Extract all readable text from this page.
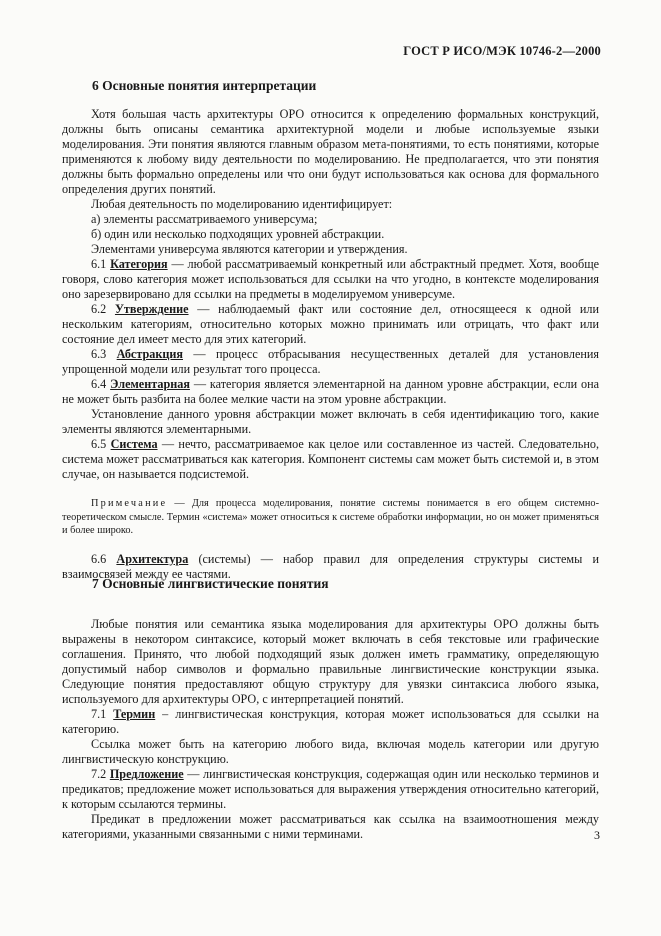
ГОСТ Р ИСО/МЭК 10746-2—2000
6 Основные понятия интерпретации

Хотя большая часть архитектуры ОРО относится к определению формальных конструкций, должны быть описаны семантика архитектурной модели и любые используемые языки моделирования. Эти понятия являются главным образом мета-понятиями, то есть понятиями, которые применяются к любому виду деятельности по моделированию. Не предполагается, что эти понятия должны быть формально определены или что они будут использоваться как основа для формального определения других понятий.

Любая деятельность по моделированию идентифицирует:

а) элементы рассматриваемого универсума;

б) один или несколько подходящих уровней абстракции.

Элементами универсума являются категории и утверждения.

6.1 Категория — любой рассматриваемый конкретный или абстрактный предмет. Хотя, вообще говоря, слово категория может использоваться для ссылки на что угодно, в контексте моделирования оно зарезервировано для ссылки на предметы в моделируемом универсуме.

6.2 Утверждение — наблюдаемый факт или состояние дел, относящееся к одной или нескольким категориям, относительно которых можно принимать или отрицать, что факт или состояние дел имеет место для этих категорий.

6.3 Абстракция — процесс отбрасывания несущественных деталей для установления упрощенной модели или результат того процесса.

6.4 Элементарная — категория является элементарной на данном уровне абстракции, если она не может быть разбита на более мелкие части на этом уровне абстракции.

Установление данного уровня абстракции может включать в себя идентификацию того, какие элементы являются элементарными.

6.5 Система — нечто, рассматриваемое как целое или составленное из частей. Следовательно, система может рассматриваться как категория. Компонент системы сам может быть системой и, в этом случае, он называется подсистемой.

Примечание — Для процесса моделирования, понятие системы понимается в его общем системно-теоретическом смысле. Термин «система» может относиться к системе обработки информации, но он может применяться и более широко.

6.6 Архитектура (системы) — набор правил для определения структуры системы и взаимосвязей между ее частями.

7 Основные лингвистические понятия

Любые понятия или семантика языка моделирования для архитектуры ОРО должны быть выражены в некотором синтаксисе, который может включать в себя текстовые или графические соглашения. Принято, что любой подходящий язык должен иметь грамматику, определяющую допустимый набор символов и формально правильные лингвистические конструкции языка. Следующие понятия предоставляют общую структуру для увязки синтаксиса любого языка, используемого для архитектуры ОРО, с интерпретацией понятий.

7.1 Термин – лингвистическая конструкция, которая может использоваться для ссылки на категорию.

Ссылка может быть на категорию любого вида, включая модель категории или другую лингвистическую конструкцию.

7.2 Предложение — лингвистическая конструкция, содержащая один или несколько терминов и предикатов; предложение может использоваться для выражения утверждения относительно категорий, к которым ссылаются термины.

Предикат в предложении может рассматриваться как ссылка на взаимоотношения между категориями, указанными связанными с ними терминами.	3
